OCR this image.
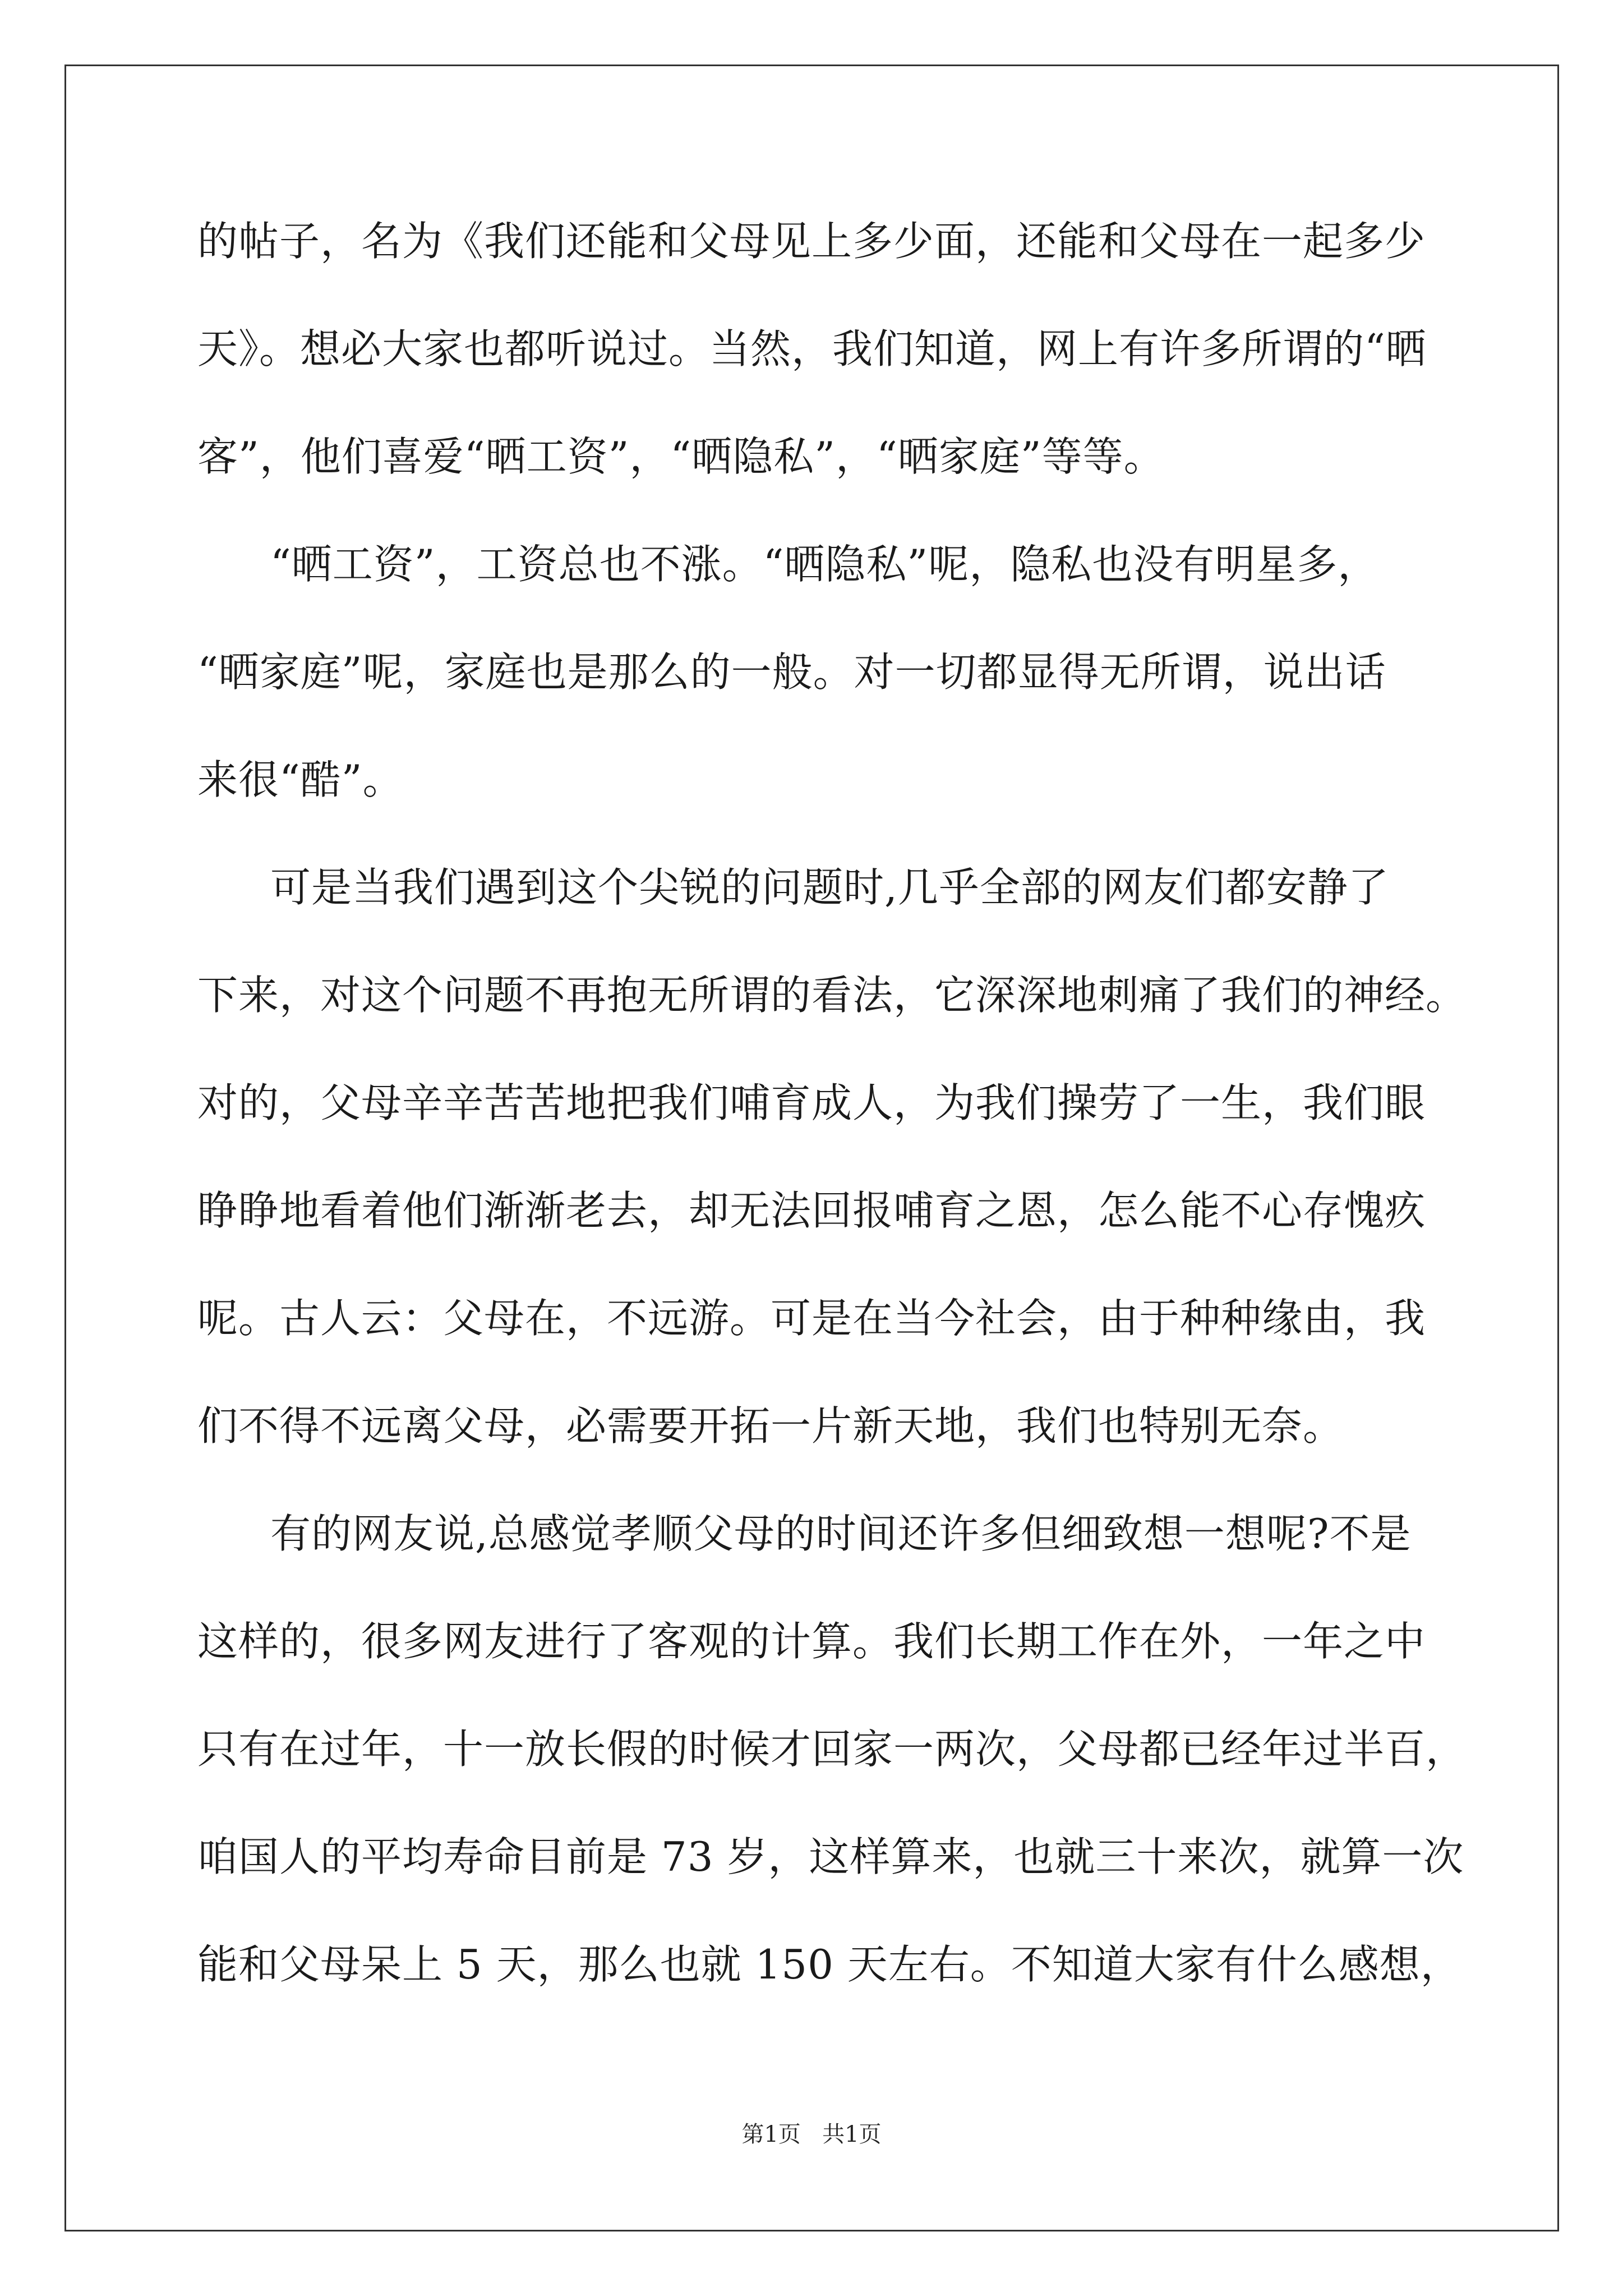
的帖子，名为《我们还能和父母见上多少面，还能和父母在一起多少
天》。想必大家也都听说过。当然，我们知道，网上有许多所谓的“晒
客”，他们喜爱“晒工资”，“晒隐私”，“晒家庭”等等。
“晒工资”，工资总也不涨。“晒隐私”呢，隐私也没有明星多，
“晒家庭”呢，家庭也是那么的一般。对一切都显得无所谓，说出话
来很“酷”。
可是当我们遇到这个尖锐的问题时,几乎全部的网友们都安静了
下来，对这个问题不再抱无所谓的看法，它深深地刺痛了我们的神经。
对的，父母辛辛苦苦地把我们哺育成人，为我们操劳了一生，我们眼
睁睁地看着他们渐渐老去，却无法回报哺育之恩，怎么能不心存愧疚
呢。古人云：父母在，不远游。可是在当今社会，由于种种缘由，我
们不得不远离父母，必需要开拓一片新天地，我们也特别无奈。
有的网友说,总感觉孝顺父母的时间还许多但细致想一想呢?不是
这样的，很多网友进行了客观的计算。我们长期工作在外，一年之中
只有在过年，十一放长假的时候才回家一两次，父母都已经年过半百，
咱国人的平均寿命目前是 73 岁，这样算来，也就三十来次，就算一次
能和父母呆上 5 天，那么也就 150 天左右。不知道大家有什么感想，
第1页 共1页
